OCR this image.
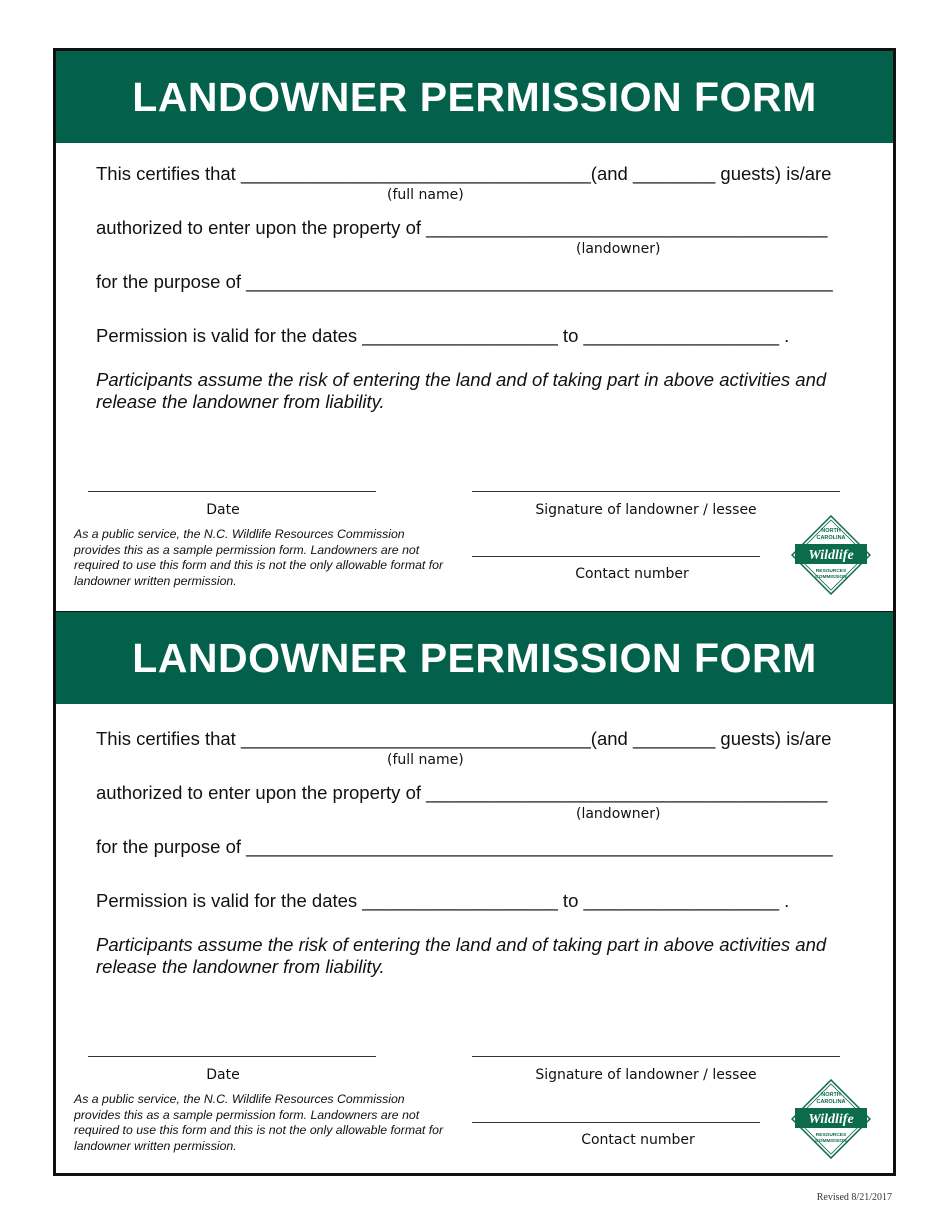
LANDOWNER PERMISSION FORM
This certifies that __________________________________(and ________ guests) is/are
(full name)
authorized to enter upon the property of _______________________________________
(landowner)
for the purpose of _________________________________________________________
Permission is valid for the dates ___________________ to ___________________ .
Participants assume the risk of entering the land and of taking part in above activities and release the landowner from liability.
Date	Signature of landowner / lessee
Contact number
As a public service, the N.C. Wildlife Resources Commission provides this as a sample permission form. Landowners are not required to use this form and this is not the only allowable format for landowner written permission.
NORTH
CAROLINA
Wildlife
RESOURCES
COMMISSION
LANDOWNER PERMISSION FORM
This certifies that __________________________________(and ________ guests) is/are
(full name)
authorized to enter upon the property of _______________________________________
(landowner)
for the purpose of _________________________________________________________
Permission is valid for the dates ___________________ to ___________________ .
Participants assume the risk of entering the land and of taking part in above activities and release the landowner from liability.
Date	Signature of landowner / lessee
Contact number
As a public service, the N.C. Wildlife Resources Commission provides this as a sample permission form. Landowners are not required to use this form and this is not the only allowable format for landowner written permission.
NORTH
CAROLINA
Wildlife
RESOURCES
COMMISSION
Revised 8/21/2017
